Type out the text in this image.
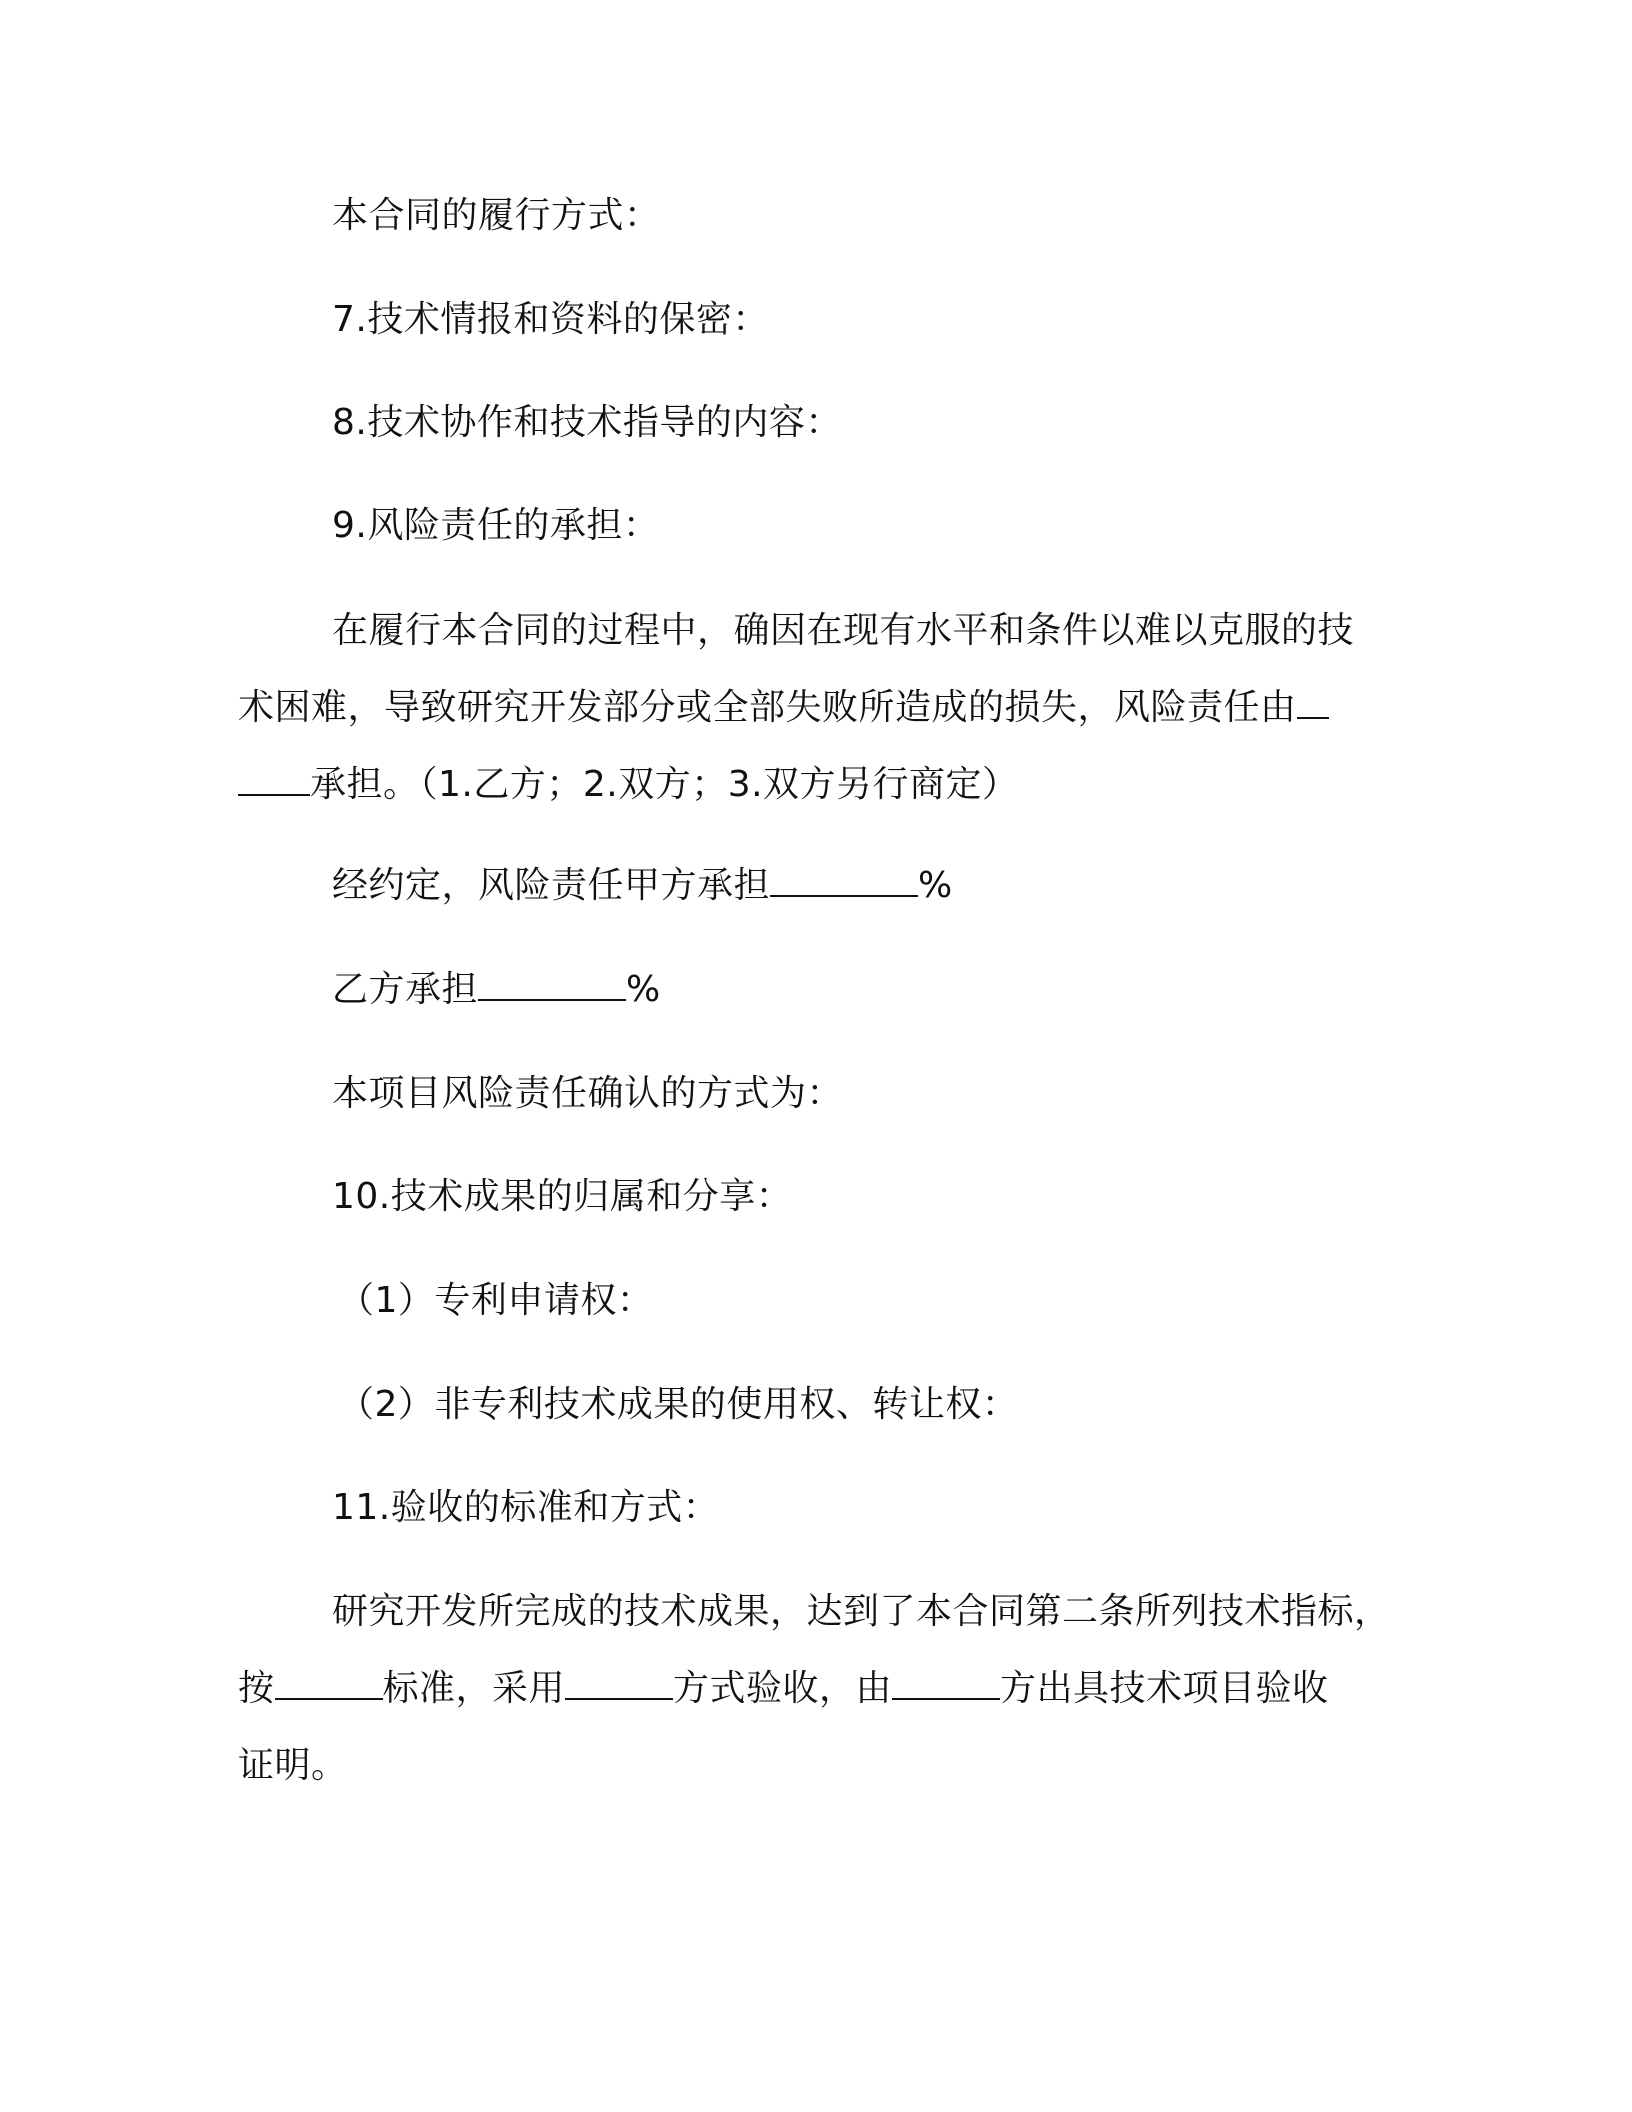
本合同的履行方式：
7.技术情报和资料的保密：
8.技术协作和技术指导的内容：
9.风险责任的承担：
在履行本合同的过程中，确因在现有水平和条件以难以克服的技
术困难，导致研究开发部分或全部失败所造成的损失，风险责任由
承担。（1.乙方；2.双方；3.双方另行商定）
经约定，风险责任甲方承担	%
乙方承担	%
本项目风险责任确认的方式为：
10.技术成果的归属和分享：
（1）专利申请权：
（2）非专利技术成果的使用权、转让权：
11.验收的标准和方式：
研究开发所完成的技术成果，达到了本合同第二条所列技术指标，
按	标准，采用	方式验收，由	方出具技术项目验收
证明。
